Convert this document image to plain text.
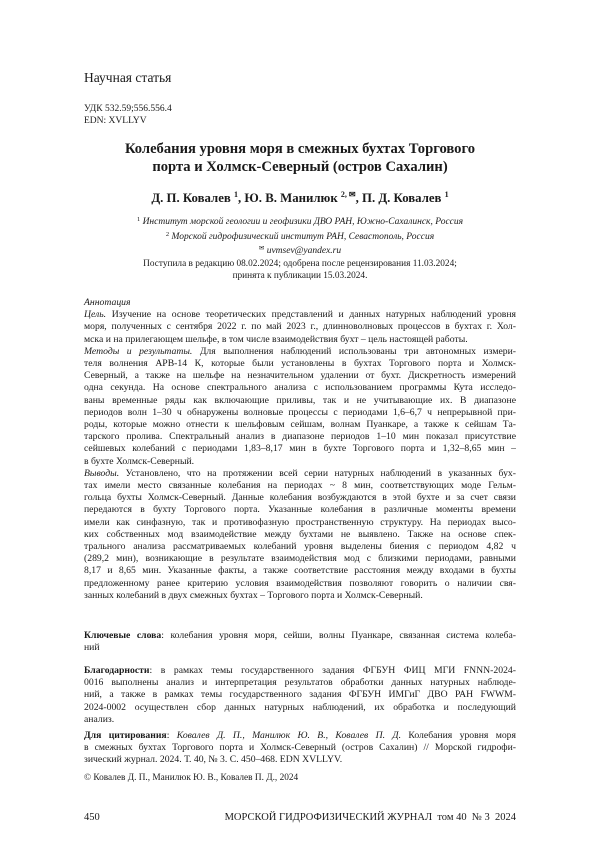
Научная статья
УДК 532.59;556.556.4
EDN: XVLLYV
Колебания уровня моря в смежных бухтах Торгового
порта и Холмск-Северный (остров Сахалин)
Д. П. Ковалев 1, Ю. В. Манилюк 2, ✉, П. Д. Ковалев 1
1 Институт морской геологии и геофизики ДВО РАН, Южно-Сахалинск, Россия
2 Морской гидрофизический институт РАН, Севастополь, Россия
✉ uvmsev@yandex.ru
Поступила в редакцию 08.02.2024; одобрена после рецензирования 11.03.2024;
принята к публикации 15.03.2024.
Аннотация
Цель. Изучение на основе теоретических представлений и данных натурных наблюдений уровня
моря, полученных с сентября 2022 г. по май 2023 г., длинноволновых процессов в бухтах г. Хол-
мска и на прилегающем шельфе, в том числе взаимодействия бухт – цель настоящей работы.
Методы и результаты. Для выполнения наблюдений использованы три автономных измери-
теля волнения АРВ-14 К, которые были установлены в бухтах Торгового порта и Холмск-
Северный, а также на шельфе на незначительном удалении от бухт. Дискретность измерений
одна секунда. На основе спектрального анализа с использованием программы Кута исследо-
ваны временные ряды как включающие приливы, так и не учитывающие их. В диапазоне
периодов волн 1–30 ч обнаружены волновые процессы с периодами 1,6–6,7 ч непрерывной при-
роды, которые можно отнести к шельфовым сейшам, волнам Пуанкаре, а также к сейшам Та-
тарского пролива. Спектральный анализ в диапазоне периодов 1–10 мин показал присутствие
сейшевых колебаний с периодами 1,83–8,17 мин в бухте Торгового порта и 1,32–8,65 мин –
в бухте Холмск-Северный.
Выводы. Установлено, что на протяжении всей серии натурных наблюдений в указанных бух-
тах имели место связанные колебания на периодах ~ 8 мин, соответствующих моде Гельм-
гольца бухты Холмск-Северный. Данные колебания возбуждаются в этой бухте и за счет связи
передаются в бухту Торгового порта. Указанные колебания в различные моменты времени
имели как синфазную, так и противофазную пространственную структуру. На периодах высо-
ких собственных мод взаимодействие между бухтами не выявлено. Также на основе спек-
трального анализа рассматриваемых колебаний уровня выделены биения с периодом 4,82 ч
(289,2 мин), возникающие в результате взаимодействия мод с близкими периодами, равными
8,17 и 8,65 мин. Указанные факты, а также соответствие расстояния между входами в бухты
предложенному ранее критерию условия взаимодействия позволяют говорить о наличии свя-
занных колебаний в двух смежных бухтах – Торгового порта и Холмск-Северный.
Ключевые слова: колебания уровня моря, сейши, волны Пуанкаре, связанная система колеба-
ний
Благодарности: в рамках темы государственного задания ФГБУН ФИЦ МГИ FNNN-2024-
0016 выполнены анализ и интерпретация результатов обработки данных натурных наблюде-
ний, а также в рамках темы государственного задания ФГБУН ИМГиГ ДВО РАН FWWM-
2024-0002 осуществлен сбор данных натурных наблюдений, их обработка и последующий
анализ.
Для цитирования: Ковалев Д. П., Манилюк Ю. В., Ковалев П. Д. Колебания уровня моря
в смежных бухтах Торгового порта и Холмск-Северный (остров Сахалин) // Морской гидрофи-
зический журнал. 2024. Т. 40, № 3. С. 450–468. EDN XVLLYV.
© Ковалев Д. П., Манилюк Ю. В., Ковалев П. Д., 2024
450	МОРСКОЙ ГИДРОФИЗИЧЕСКИЙ ЖУРНАЛ  том 40  № 3  2024
